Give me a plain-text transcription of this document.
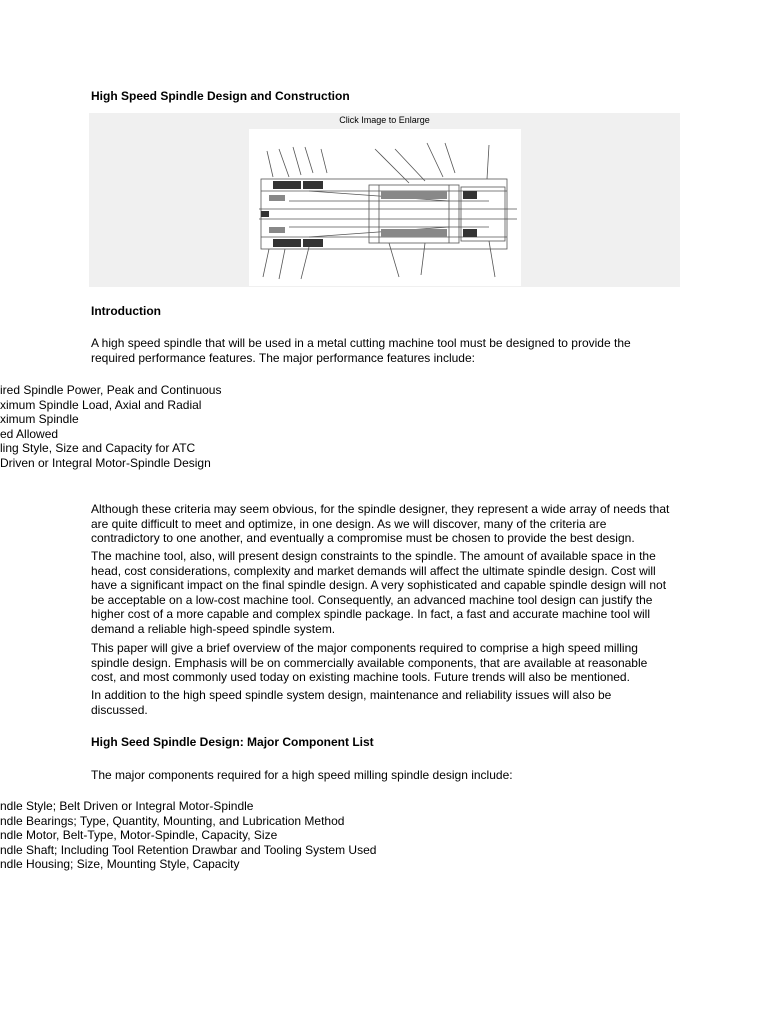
High Speed Spindle Design and Construction
Click Image to Enlarge
Introduction
A high speed spindle that will be used in a metal cutting machine tool must be designed to provide the required performance features. The major performance features include:
ired Spindle Power, Peak and Continuous
ximum Spindle Load, Axial and Radial
ximum Spindle
ed Allowed
ling Style, Size and Capacity for ATC
Driven or Integral Motor-Spindle Design
Although these criteria may seem obvious, for the spindle designer, they represent a wide array of needs that are quite difficult to meet and optimize, in one design. As we will discover, many of the criteria are contradictory to one another, and eventually a compromise must be chosen to provide the best design.
The machine tool, also, will present design constraints to the spindle. The amount of available space in the head, cost considerations, complexity and market demands will affect the ultimate spindle design. Cost will have a significant impact on the final spindle design. A very sophisticated and capable spindle design will not be acceptable on a low-cost machine tool. Consequently, an advanced machine tool design can justify the higher cost of a more capable and complex spindle package. In fact, a fast and accurate machine tool will demand a reliable high-speed spindle system.
This paper will give a brief overview of the major components required to comprise a high speed milling spindle design. Emphasis will be on commercially available components, that are available at reasonable cost, and most commonly used today on existing machine tools. Future trends will also be mentioned.
In addition to the high speed spindle system design, maintenance and reliability issues will also be discussed.
High Seed Spindle Design: Major Component List
The major components required for a high speed milling spindle design include:
ndle Style; Belt Driven or Integral Motor-Spindle
ndle Bearings; Type, Quantity, Mounting, and Lubrication Method
ndle Motor, Belt-Type, Motor-Spindle, Capacity, Size
ndle Shaft; Including Tool Retention Drawbar and Tooling System Used
ndle Housing; Size, Mounting Style, Capacity
